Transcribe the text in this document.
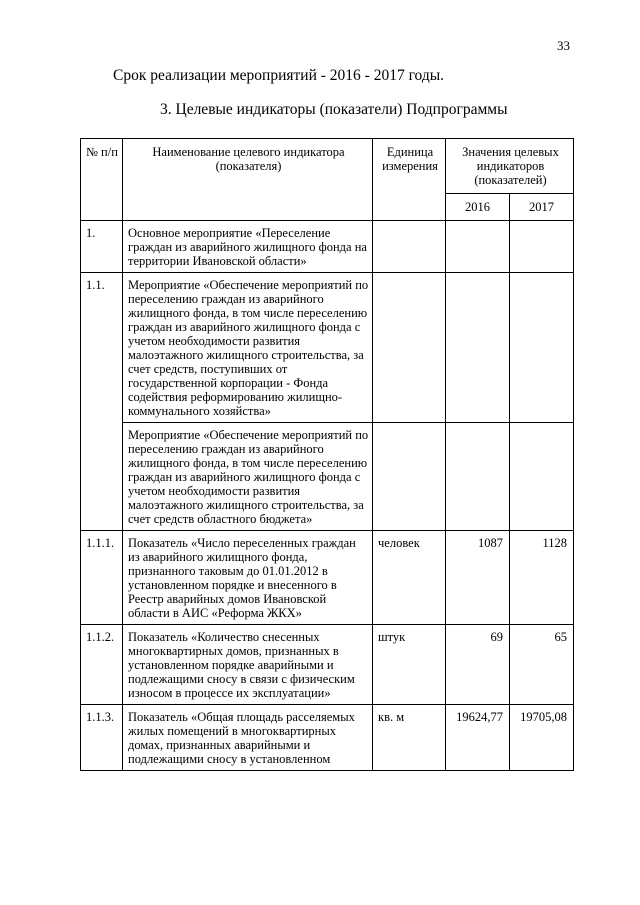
33
Срок реализации мероприятий - 2016 - 2017 годы.
3. Целевые индикаторы (показатели) Подпрограммы
№ п/п	Наименование целевого индикатора (показателя)	Единица измерения	Значения целевых индикаторов (показателей)	
			2016	2017
1.	Основное мероприятие «Переселение граждан из аварийного жилищного фонда на территории Ивановской области»			
1.1.	Мероприятие «Обеспечение мероприятий по переселению граждан из аварийного жилищного фонда, в том числе переселению граждан из аварийного жилищного фонда с учетом необходимости развития малоэтажного жилищного строительства, за счет средств, поступивших от государственной корпорации - Фонда содействия реформированию жилищно-коммунального хозяйства»			
	Мероприятие «Обеспечение мероприятий по переселению граждан из аварийного жилищного фонда, в том числе переселению граждан из аварийного жилищного фонда с учетом необходимости развития малоэтажного жилищного строительства, за счет средств областного бюджета»			
1.1.1.	Показатель «Число переселенных граждан из аварийного жилищного фонда, признанного таковым до 01.01.2012 в установленном порядке и внесенного в Реестр аварийных домов Ивановской области в АИС «Реформа ЖКХ»	человек	1087	1128
1.1.2.	Показатель «Количество снесенных многоквартирных домов, признанных в установленном порядке аварийными и подлежащими сносу в связи с физическим износом в процессе их эксплуатации»	штук	69	65
1.1.3.	Показатель «Общая площадь расселяемых жилых помещений в многоквартирных домах, признанных аварийными и подлежащими сносу в установленном	кв. м	19624,77	19705,08
